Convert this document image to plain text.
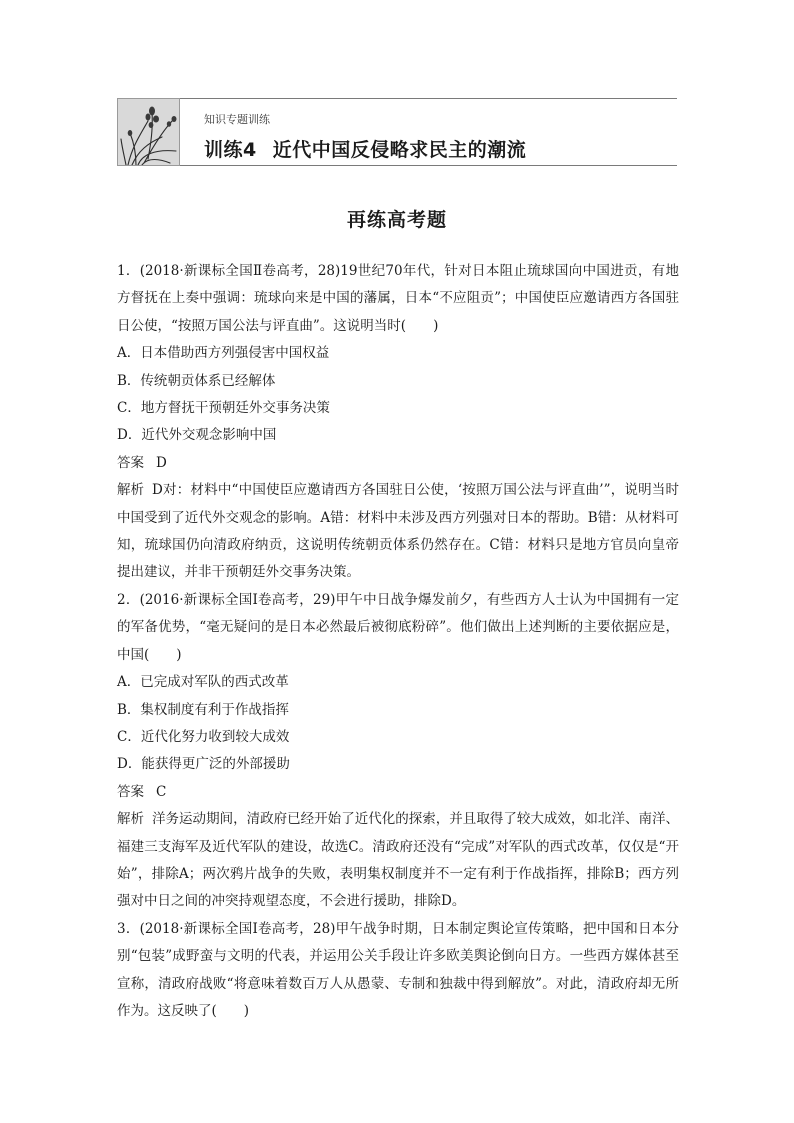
知识专题训练
训练4 近代中国反侵略求民主的潮流
再练高考题

1．(2018·新课标全国Ⅱ卷高考，28)19世纪70年代，针对日本阻止琉球国向中国进贡，有地方督抚在上奏中强调：琉球向来是中国的藩属，日本“不应阻贡”；中国使臣应邀请西方各国驻日公使，“按照万国公法与评直曲”。这说明当时(　　)

A．日本借助西方列强侵害中国权益

B．传统朝贡体系已经解体

C．地方督抚干预朝廷外交事务决策

D．近代外交观念影响中国

答案 D

解析 D对：材料中“中国使臣应邀请西方各国驻日公使，‘按照万国公法与评直曲’”，说明当时中国受到了近代外交观念的影响。A错：材料中未涉及西方列强对日本的帮助。B错：从材料可知，琉球国仍向清政府纳贡，这说明传统朝贡体系仍然存在。C错：材料只是地方官员向皇帝提出建议，并非干预朝廷外交事务决策。

2．(2016·新课标全国Ⅰ卷高考，29)甲午中日战争爆发前夕，有些西方人士认为中国拥有一定的军备优势，“毫无疑问的是日本必然最后被彻底粉碎”。他们做出上述判断的主要依据应是，中国(　　)

A．已完成对军队的西式改革

B．集权制度有利于作战指挥

C．近代化努力收到较大成效

D．能获得更广泛的外部援助

答案 C

解析 洋务运动期间，清政府已经开始了近代化的探索，并且取得了较大成效，如北洋、南洋、福建三支海军及近代军队的建设，故选C。清政府还没有“完成”对军队的西式改革，仅仅是“开始”，排除A；两次鸦片战争的失败，表明集权制度并不一定有利于作战指挥，排除B；西方列强对中日之间的冲突持观望态度，不会进行援助，排除D。

3．(2018·新课标全国Ⅰ卷高考，28)甲午战争时期，日本制定舆论宣传策略，把中国和日本分别“包装”成野蛮与文明的代表，并运用公关手段让许多欧美舆论倒向日方。一些西方媒体甚至宣称，清政府战败“将意味着数百万人从愚蒙、专制和独裁中得到解放”。对此，清政府却无所作为。这反映了(　　)
